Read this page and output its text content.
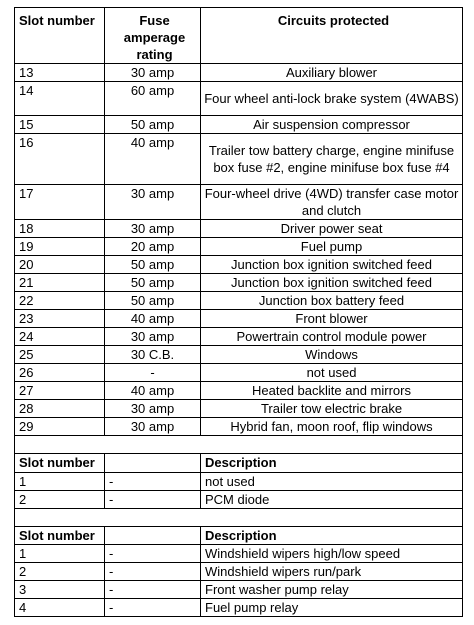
Slot number	Fuse amperage rating	Circuits protected
13	30 amp	Auxiliary blower
14	60 amp	Four wheel anti-lock brake system (4WABS)
15	50 amp	Air suspension compressor
16	40 amp	Trailer tow battery charge, engine minifuse box fuse #2, engine minifuse box fuse #4
17	30 amp	Four-wheel drive (4WD) transfer case motor and clutch
18	30 amp	Driver power seat
19	20 amp	Fuel pump
20	50 amp	Junction box ignition switched feed
21	50 amp	Junction box ignition switched feed
22	50 amp	Junction box battery feed
23	40 amp	Front blower
24	30 amp	Powertrain control module power
25	30 C.B.	Windows
26	-	not used
27	40 amp	Heated backlite and mirrors
28	30 amp	Trailer tow electric brake
29	30 amp	Hybrid fan, moon roof, flip windows

Slot number		Description
1	-	not used
2	-	PCM diode

Slot number		Description
1	-	Windshield wipers high/low speed
2	-	Windshield wipers run/park
3	-	Front washer pump relay
4	-	Fuel pump relay
